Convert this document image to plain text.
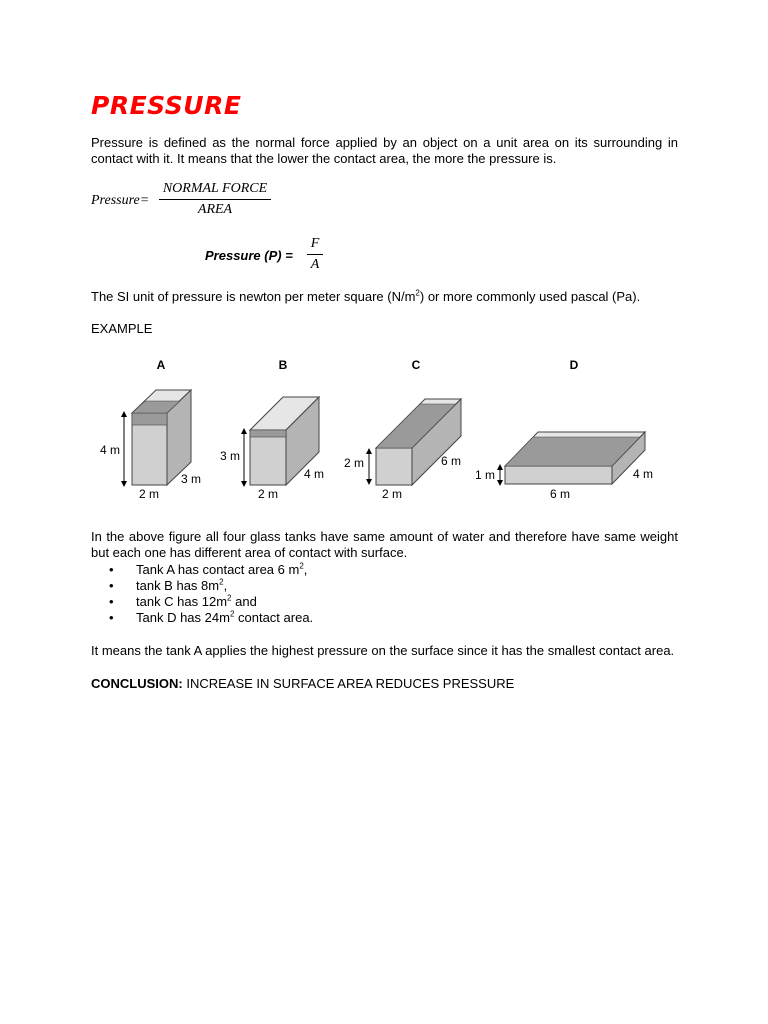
PRESSURE
Pressure is defined as the normal force applied by an object on a unit area on its surrounding in contact with it. It means that the lower the contact area, the more the pressure is.
Pressure=
NORMAL FORCE
AREA
Pressure (P) =
F
A
The SI unit of pressure is newton per meter square $(N/m^2)$ or more commonly used pascal (Pa).
EXAMPLE
A
4 m
3 m
2 m
B
3 m
4 m
2 m
C
2 m	6 m
2 m
D
1 m	4 m
6 m
In the above figure all four glass tanks have same amount of water and therefore have same weight but each one has different area of contact with surface.
• Tank A has contact area 6 $m^2$,
• tank B has $8m^2$,
• tank C has $12m^2$ and
• Tank D has $24m^2$ contact area.
It means the tank A applies the highest pressure on the surface since it has the smallest contact area.
CONCLUSION: INCREASE IN SURFACE AREA REDUCES PRESSURE
